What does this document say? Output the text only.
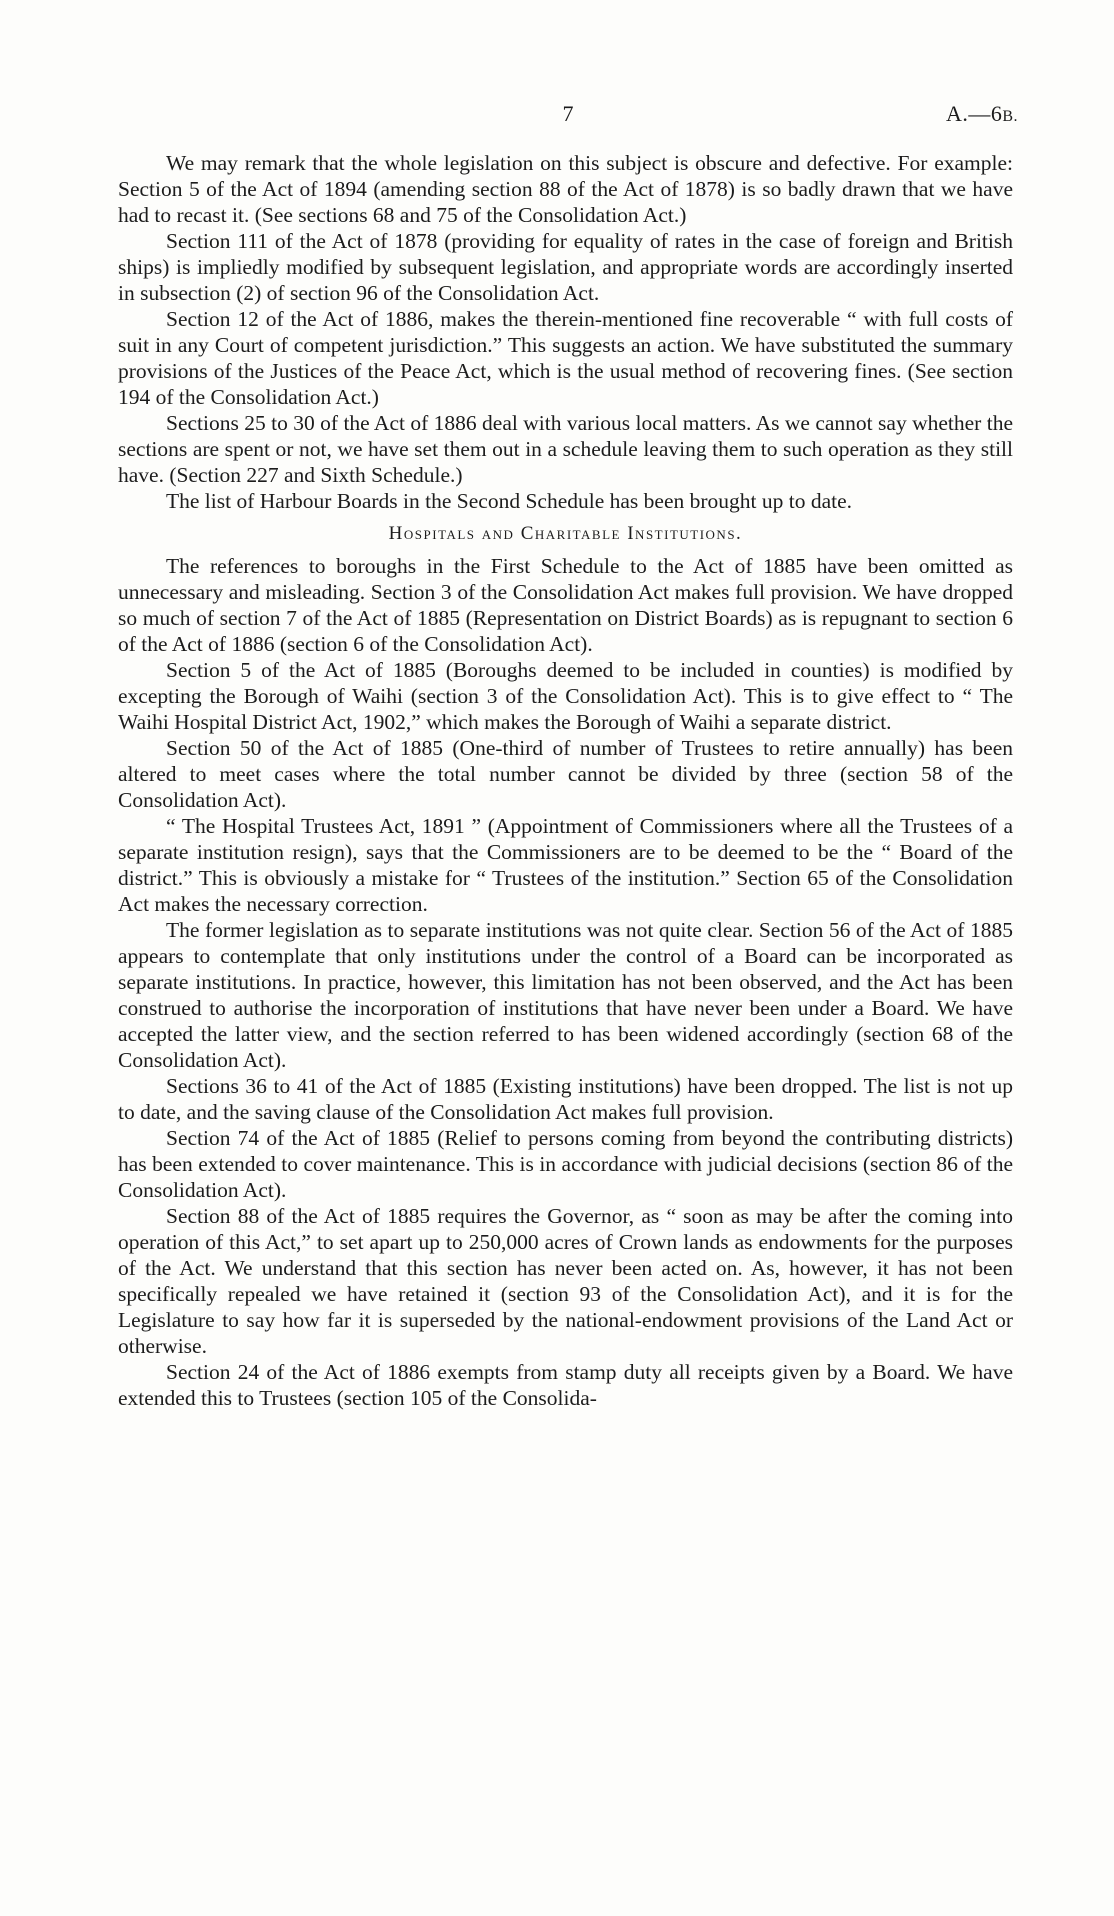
7	A.—6B.

We may remark that the whole legislation on this subject is obscure and defective. For example: Section 5 of the Act of 1894 (amending section 88 of the Act of 1878) is so badly drawn that we have had to recast it. (See sections 68 and 75 of the Consolidation Act.)

Section 111 of the Act of 1878 (providing for equality of rates in the case of foreign and British ships) is impliedly modified by subsequent legislation, and appropriate words are accordingly inserted in subsection (2) of section 96 of the Consolidation Act.

Section 12 of the Act of 1886, makes the therein-mentioned fine recoverable “ with full costs of suit in any Court of competent jurisdiction.” This suggests an action. We have substituted the summary provisions of the Justices of the Peace Act, which is the usual method of recovering fines. (See section 194 of the Consolidation Act.)

Sections 25 to 30 of the Act of 1886 deal with various local matters. As we cannot say whether the sections are spent or not, we have set them out in a schedule leaving them to such operation as they still have. (Section 227 and Sixth Schedule.)

The list of Harbour Boards in the Second Schedule has been brought up to date.

Hospitals and Charitable Institutions.

The references to boroughs in the First Schedule to the Act of 1885 have been omitted as unnecessary and misleading. Section 3 of the Consolidation Act makes full provision. We have dropped so much of section 7 of the Act of 1885 (Representation on District Boards) as is repugnant to section 6 of the Act of 1886 (section 6 of the Consolidation Act).

Section 5 of the Act of 1885 (Boroughs deemed to be included in counties) is modified by excepting the Borough of Waihi (section 3 of the Consolidation Act). This is to give effect to “ The Waihi Hospital District Act, 1902,” which makes the Borough of Waihi a separate district.

Section 50 of the Act of 1885 (One-third of number of Trustees to retire annually) has been altered to meet cases where the total number cannot be divided by three (section 58 of the Consolidation Act).

“ The Hospital Trustees Act, 1891 ” (Appointment of Commissioners where all the Trustees of a separate institution resign), says that the Commissioners are to be deemed to be the “ Board of the district.” This is obviously a mistake for “ Trustees of the institution.” Section 65 of the Consolidation Act makes the necessary correction.

The former legislation as to separate institutions was not quite clear. Section 56 of the Act of 1885 appears to contemplate that only institutions under the control of a Board can be incorporated as separate institutions. In practice, however, this limitation has not been observed, and the Act has been construed to authorise the incorporation of institutions that have never been under a Board. We have accepted the latter view, and the section referred to has been widened accordingly (section 68 of the Consolidation Act).

Sections 36 to 41 of the Act of 1885 (Existing institutions) have been dropped. The list is not up to date, and the saving clause of the Consolidation Act makes full provision.

Section 74 of the Act of 1885 (Relief to persons coming from beyond the contributing districts) has been extended to cover maintenance. This is in accordance with judicial decisions (section 86 of the Consolidation Act).

Section 88 of the Act of 1885 requires the Governor, as “ soon as may be after the coming into operation of this Act,” to set apart up to 250,000 acres of Crown lands as endowments for the purposes of the Act. We understand that this section has never been acted on. As, however, it has not been specifically repealed we have retained it (section 93 of the Consolidation Act), and it is for the Legislature to say how far it is superseded by the national-endowment provisions of the Land Act or otherwise.

Section 24 of the Act of 1886 exempts from stamp duty all receipts given by a Board. We have extended this to Trustees (section 105 of the Consolida-
